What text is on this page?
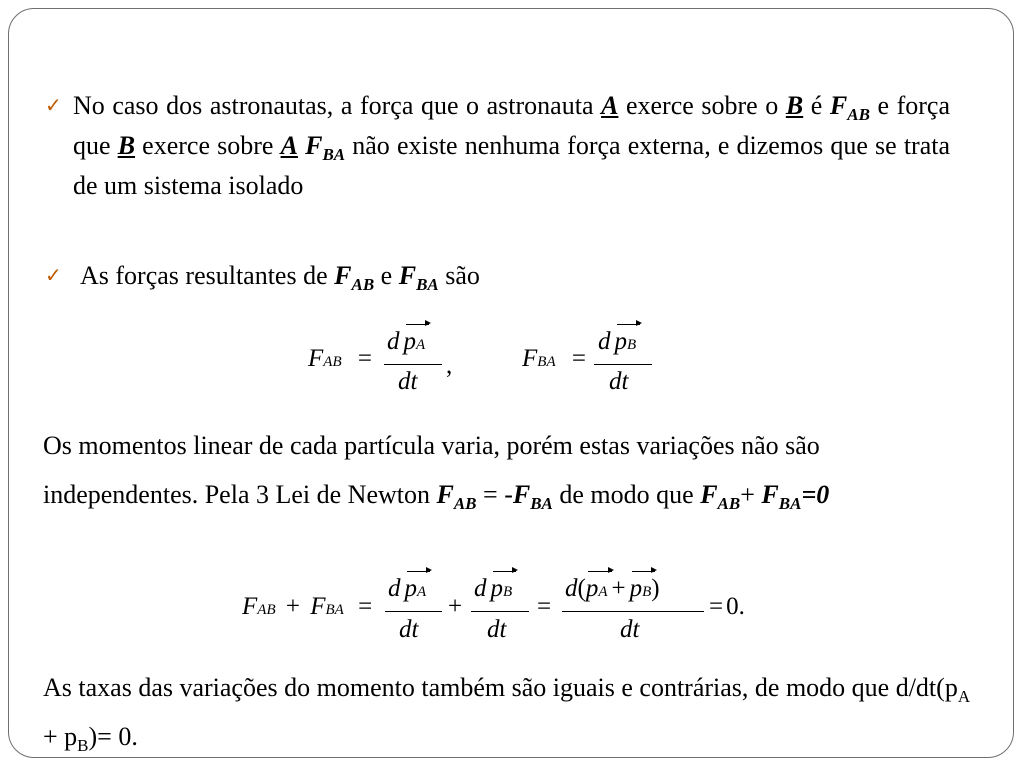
✓ No caso dos astronautas, a força que o astronauta A exerce sobre o B é $F_{AB}$ e força que B exerce sobre A $F_{BA}$ não existe nenhuma força externa, e dizemos que se trata de um sistema isolado
✓ As forças resultantes de $F_{AB}$ e $F_{BA}$ são
FAB =
d pA
dt
,	FBA =
d pB
dt
Os momentos linear de cada partícula varia, porém estas variações não são independentes. Pela 3 Lei de Newton $F_{AB} = -F_{BA}$ de modo que $F_{AB}+ F_{BA}=0$
FAB + FBA =
d pA
dt
+
d pB
dt
=
d(pA + pB)
dt
= 0.
As taxas das variações do momento também são iguais e contrárias, de modo que $d/dt(p_A + p_B)= 0$.
